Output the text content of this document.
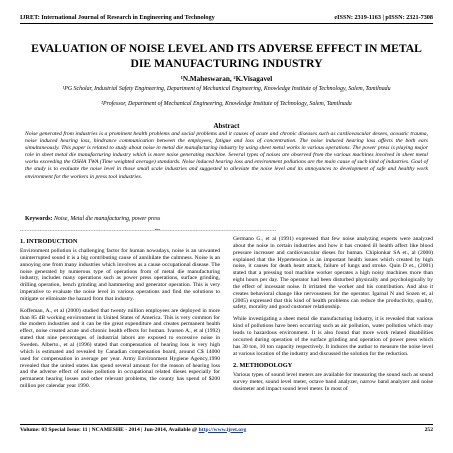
IJRET: International Journal of Research in Engineering and Technology	eISSN: 2319-1163 | pISSN: 2321-7308
EVALUATION OF NOISE LEVEL AND ITS ADVERSE EFFECT IN METAL DIE MANUFACTURING INDUSTRY
¹N.Maheswaran, ²K.Visagavel
¹PG Scholar, Industrial Safety Engineering, Department of Mechanical Engineering, Knowledge Institute of Technology, Salem, Tamilnadu
²Professor, Department of Mechanical Engineering, Knowledge Institute of Technology, Salem, Tamilnadu
Abstract
Noise generated from industries is a prominent health problems and social problems and it causes of acute and chronic diseases such as cardiovascular desees, acoustic trauma, noise induced hearing loss, hindrance communication between the employees, fatigue and loss of concentration. The noise induced hearing loss affects the both ears simultaneously. This paper is related to study about noise in metal die manufacturing industry by using sheet metal works in various operations. The power press is playing major role in sheet metal die manufacturing industry which is more noise generating machine. Several types of noises are observed from the various machines involved in sheet metal works exceeding the OSHA TWA (Time weighted average) standards. Noise induced hearing loss and environment pollutions are the main cause of such kind of industries. Goal of the study is to evaluate the noise level in those small scale industries and suggested to alleviate the noise level and its annoyances to development of safe and healthy work environment for the workers in press tool industries.
Keywords: Noise, Metal die manufacturing, power press
- - - - - - - - - - - - - - - - - - - - - - - - - - - - - - - - - - - - - - - - - - - - - - - - - - - - - - - - - - - - - - - - - - - - - - - - - - - - - - - - - - ***- - - - - - - - - - - - - - - - - - - - - - - - - - - - - - - - - - - - - - - - - - - - - - - - - - - - - - - - - - - - - - - - - - - - - - -
1. INTRODUCTION

Environment pollution is challenging factor for human nowadays, noise is an unwanted uninterrupted sound it is a big contributing cause of annihilate the calmness. Noise is an annoying one from many industries which involves as a cause occupational disease. The noise generated by numerous type of operations from of metal die manufacturing industry, includes many operations such as power press operations, surface grinding, drilling operation, bench grinding and hammering and generator operation. This is very imperative to evaluate the noise level in various operations and find the solutions to mitigate or eliminate the hazard from that industry.

Koffeman, A., et al (2000) studied that twenty million employees are deployed in more than 85 dB working environment in United States of America. This is very common for the modern industries and it can be the great expenditure and creates permanent health effect, noise created acute and chronic health effects for human. Ivarsen A., et al (1992) stated that nine percentages of industrial labors are exposed to excessive noise in Sweden. Alberto., et al (1996) stated that compensation of hearing loss is very high which is estimated and revealed by Canadian compensation board, around C$ 14000 used for compensation in average per year. Army Environment Hygiene Agency,1990 revealed that the united states has spend several amount for the reason of hearing loss and the adverse effect of noise pollution in occupational related dieses especially for permanent hearing losses and other relevant problems, the county has spend of $200 million per calendar year 1990.

Germano G., et al (1991) expressed that few noise analyzing experts were analyzed about the noise in certain industries and how it has created ill health affect like blood pressure increaser and cardiovascular dieses for human. Chiplonkar SA et., al (2000) explained that the Hypertension is an important health issues which created by high noise, it causes for death heart attack, failure of lungs and stroke. Quin D et., (2001) stated that a pressing tool machine worker operates a high noisy machines more than eight hours per day. The operator had been disturbed physically and psychologically by the effect of incessant noise. It irritated the worker and his contribution. And also it creates behavioral change like nervousness for the operator. Igarnal N and Sozen et, al (2005) expressed that this kind of health problems can reduce the productivity, quality, safety, morality and good customer relationship.

While investigating a sheet metal die manufacturing industry, it is revealed that various kind of pollutions have been occurring such as air pollution, water pollution which may leads to hazardous environment. It is also found that more work related disabilities occurred during operation of the surface grinding and operation of power press which has 30 ton, 10 ton capacity respectively. It induces the author to measure the noise level at various location of the industry and discussed the solution for the reduction.

2. METHODOLOGY

Various types of sound level meters are available for measuring the sound such as sound survey meter, sound level meter, octave band analyzer, narrow band analyzer and noise dosimeter and impact sound level meter. In most of

Volume: 03 Special Issue: 11 | NCAMESHE - 2014 | Jun-2014, Available @ http://www.ijret.org	252
